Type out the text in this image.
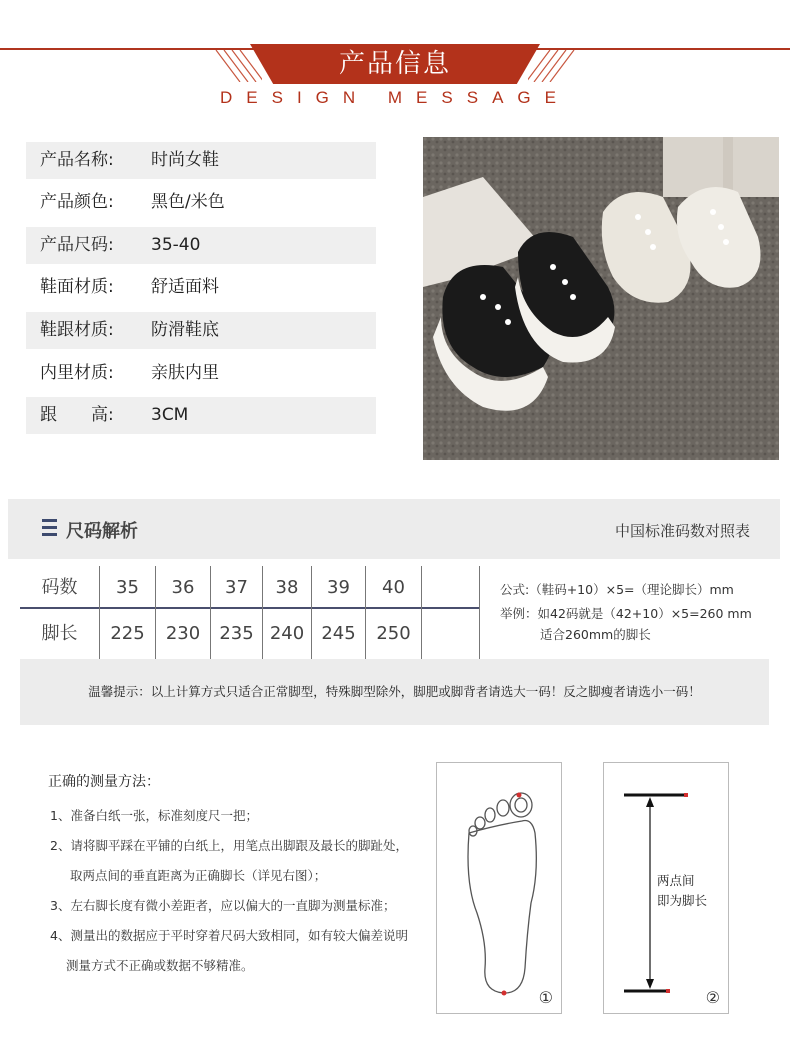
产品信息
DESIGN MESSAGE
产品名称:	时尚女鞋
产品颜色:	黑色/米色
产品尺码:	35-40
鞋面材质:	舒适面料
鞋跟材质:	防滑鞋底
内里材质:	亲肤内里
跟　　高:	3CM
尺码解析	中国标准码数对照表
码数	35	36	37	38	39	40
脚长	225	230	235 240 245	250
公式:（鞋码+10）×5=（理论脚长）mm
举例：如42码就是（42+10）×5=260 mm
适合260mm的脚长
温馨提示：以上计算方式只适合正常脚型，特殊脚型除外，脚肥或脚背者请选大一码！反之脚瘦者请选小一码！
正确的测量方法：
1、准备白纸一张，标准刻度尺一把；
2、请将脚平踩在平铺的白纸上，用笔点出脚跟及最长的脚趾处，
取两点间的垂直距离为正确脚长（详见右图）；
3、左右脚长度有微小差距者，应以偏大的一直脚为测量标准；
4、测量出的数据应于平时穿着尺码大致相同，如有较大偏差说明
测量方式不正确或数据不够精准。
①
两点间
即为脚长
②
